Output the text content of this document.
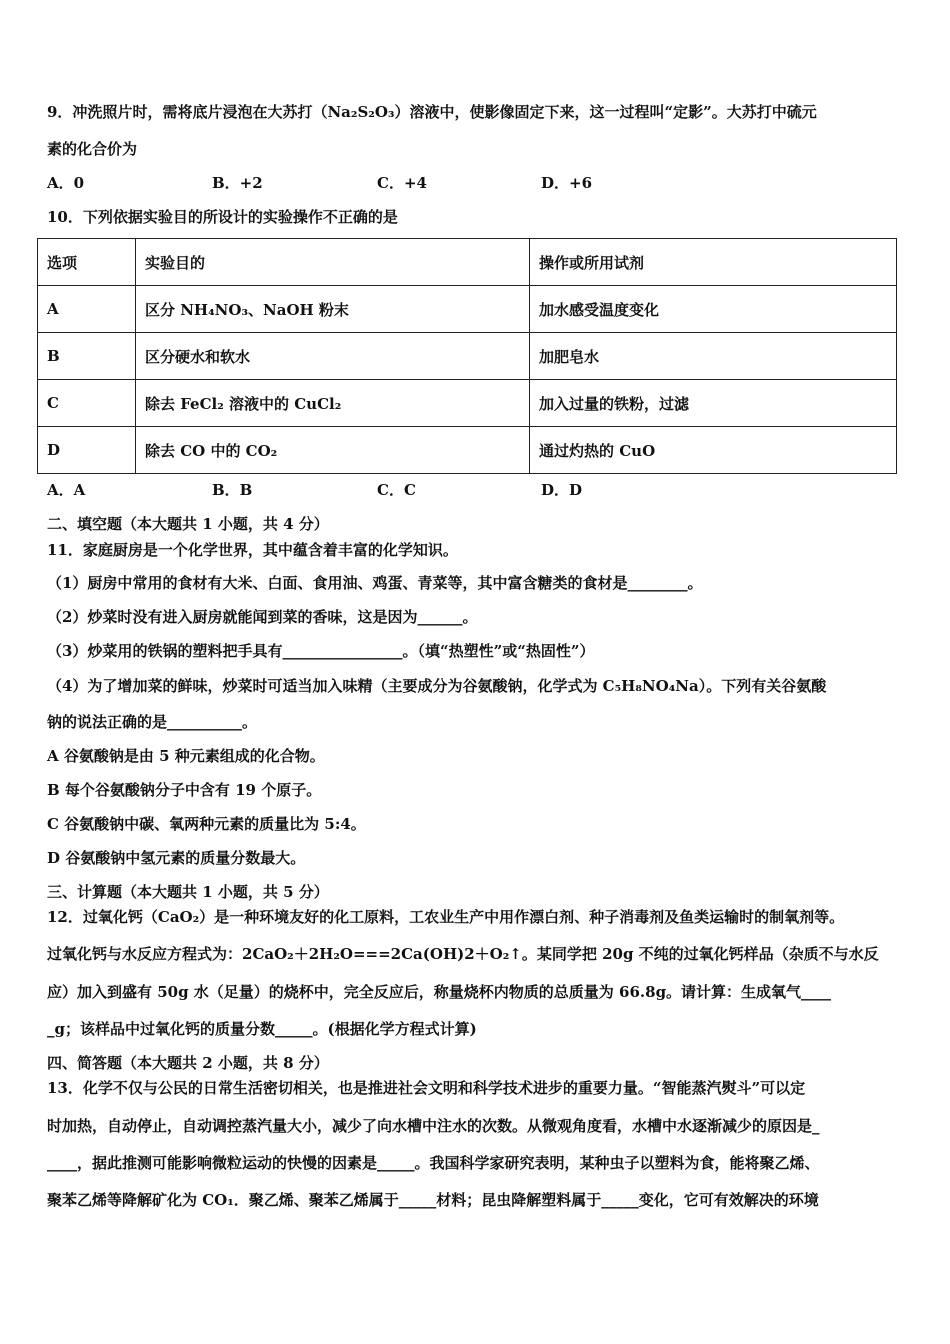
9．冲洗照片时，需将底片浸泡在大苏打（Na₂S₂O₃）溶液中，使影像固定下来，这一过程叫“定影”。大苏打中硫元
素的化合价为
A．0	B．+2	C．+4	D．+6
10．下列依据实验目的所设计的实验操作不正确的是
选项	实验目的	操作或所用试剂
A	区分 NH₄NO₃、NaOH 粉末	加水感受温度变化
B	区分硬水和软水	加肥皂水
C	除去 FeCl₂ 溶液中的 CuCl₂	加入过量的铁粉，过滤
D	除去 CO 中的 CO₂	通过灼热的 CuO
A．A	B．B	C．C	D．D
二、填空题（本大题共 1 小题，共 4 分）
11．家庭厨房是一个化学世界，其中蕴含着丰富的化学知识。
（1）厨房中常用的食材有大米、白面、食用油、鸡蛋、青菜等，其中富含糖类的食材是________。
（2）炒菜时没有进入厨房就能闻到菜的香味，这是因为______。
（3）炒菜用的铁锅的塑料把手具有________________。（填“热塑性”或“热固性”）
（4）为了增加菜的鲜味，炒菜时可适当加入味精（主要成分为谷氨酸钠，化学式为 C₅H₈NO₄Na）。下列有关谷氨酸
钠的说法正确的是__________。
A 谷氨酸钠是由 5 种元素组成的化合物。
B 每个谷氨酸钠分子中含有 19 个原子。
C 谷氨酸钠中碳、氧两种元素的质量比为 5:4。
D 谷氨酸钠中氢元素的质量分数最大。
三、计算题（本大题共 1 小题，共 5 分）
12．过氧化钙（CaO₂）是一种环境友好的化工原料，工农业生产中用作漂白剂、种子消毒剂及鱼类运输时的制氧剂等。
过氧化钙与水反应方程式为：2CaO₂＋2H₂O===2Ca(OH)2＋O₂↑。某同学把 20g 不纯的过氧化钙样品（杂质不与水反
应）加入到盛有 50g 水（足量）的烧杯中，完全反应后，称量烧杯内物质的总质量为 66.8g。请计算：生成氧气____
_g；该样品中过氧化钙的质量分数_____。(根据化学方程式计算)
四、简答题（本大题共 2 小题，共 8 分）
13．化学不仅与公民的日常生活密切相关，也是推进社会文明和科学技术进步的重要力量。“智能蒸汽熨斗”可以定
时加热，自动停止，自动调控蒸汽量大小，减少了向水槽中注水的次数。从微观角度看，水槽中水逐渐减少的原因是_
____，据此推测可能影响微粒运动的快慢的因素是_____。我国科学家研究表明，某种虫子以塑料为食，能将聚乙烯、
聚苯乙烯等降解矿化为 CO₁．聚乙烯、聚苯乙烯属于_____材料；昆虫降解塑料属于_____变化，它可有效解决的环境
